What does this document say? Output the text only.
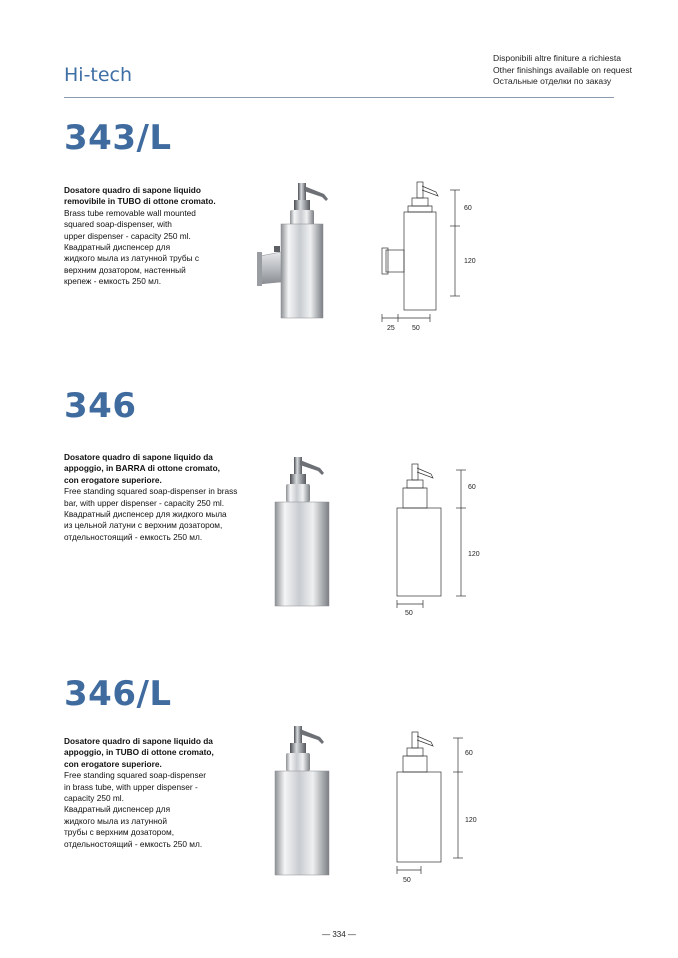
Hi-tech
Disponibili altre finiture a richiesta
Other finishings available on request
Остальные отделки по заказу
343/L

Dosatore quadro di sapone liquido

removibile in TUBO di ottone cromato.

Brass tube removable wall mounted

squared soap-dispenser, with

upper dispenser - capacity 250 ml.

Квадратный диспенсер для

жидкого мыла из латунной трубы с

верхним дозатором, настенный

крепеж - емкость 250 мл.

60
120
25 50
346

Dosatore quadro di sapone liquido da

appoggio, in BARRA di ottone cromato,

con erogatore superiore.

Free standing squared soap-dispenser in brass

bar, with upper dispenser - capacity 250 ml.

Квадратный диспенсер для жидкого мыла

из цельной латуни с верхним дозатором,

отдельностоящий - емкость 250 мл.

60
120
50
346/L

Dosatore quadro di sapone liquido da

appoggio, in TUBO di ottone cromato,

con erogatore superiore.

Free standing squared soap-dispenser

in brass tube, with upper dispenser -

capacity 250 ml.

Квадратный диспенсер для

жидкого мыла из латунной

трубы с верхним дозатором,

отдельностоящий - емкость 250 мл.

60
120
50
— 334 —
